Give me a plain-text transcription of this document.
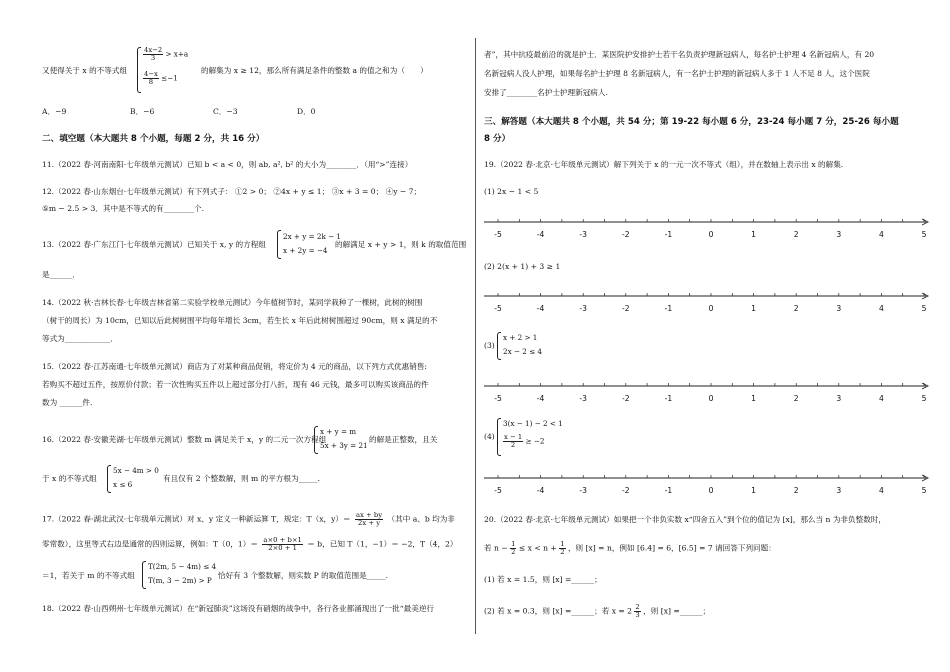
又使得关于 x 的不等式组
$\frac{4x-2}{3} > x+a$
$\frac{4-x}{8} \le-1$
的解集为 x ≥ 12，那么所有满足条件的整数 a 的值之和为（　　）
A．−9	B．−6	C．−3	D．0
二、填空题（本大题共 8 个小题，每题 2 分，共 16 分）
11.（2022 春·河南南阳·七年级单元测试）已知 b < a < 0，则 ab, a², b² 的大小为________．（用“>”连接）
12.（2022 春·山东烟台·七年级单元测试）有下列式子： ①2 > 0； ②4x + y ≤ 1； ③x + 3 = 0； ④y − 7；
⑤m − 2.5 > 3．其中是不等式的有________个.
13.（2022 春·广东江门·七年级单元测试）已知关于 x, y 的方程组
2x + y = 2k − 1
x + 2y = −4
的解满足 x + y > 1，则 k 的取值范围
是______．
14.（2022 秋·吉林长春·七年级吉林省第二实验学校单元测试）今年植树节时，某同学栽种了一棵树，此树的树围
（树干的周长）为 10cm，已知以后此树树围平均每年增长 3cm，若生长 x 年后此树树围超过 90cm，则 x 满足的不
等式为____________．
15.（2022 春·江苏南通·七年级单元测试）商店为了对某种商品促销，将定价为 4 元的商品，以下列方式优惠销售:
若购买不超过五件，按原价付款；若一次性购买五件以上超过部分打八折，现有 46 元钱，最多可以购买该商品的件
数为 ______件.
16.（2022 春·安徽芜湖·七年级单元测试）整数 m 满足关于 x，y 的二元一次方程组
x + y = m
5x + 3y = 21
的解是正整数，且关
于 x 的不等式组
5x − 4m > 0
x ≤ 6
有且仅有 2 个整数解，则 m 的平方根为_____.
17.（2022 春·湖北武汉·七年级单元测试）对 x、y 定义一种新运算 T，规定：T（x，$y)= \frac{ax + by}{2x + y}$ （其中 a、b 均为非
零常数），这里等式右边是通常的四则运算，例如：T（0，$1)= \frac{a\times 0 + b\times 1}{2\times 0 + 1} = b$，已知 T（1，−1）＝ −2，T（4，2）
＝1，若关于 m 的不等式组
T(2m, 5 − 4m) ≤ 4
T(m, 3 − 2m) > P
恰好有 3 个整数解，则实数 P 的取值范围是_____.
18.（2022 春·山西朔州·七年级单元测试）在“新冠肺炎”这场没有硝烟的战争中，各行各业都涌现出了一批“最美逆行
者”，其中抗疫最前沿的就是护士．某医院护安排护士若干名负责护理新冠病人，每名护士护理 4 名新冠病人，有 20
名新冠病人没人护理，如果每名护士护理 8 名新冠病人，有一名护士护理的新冠病人多于 1 人不足 8 人，这个医院
安排了________名护士护理新冠病人.
三、解答题（本大题共 8 个小题，共 54 分；第 19-22 每小题 6 分，23-24 每小题 7 分，25-26 每小题
8 分）
19.（2022 春·北京·七年级单元测试）解下列关于 x 的一元一次不等式（组），并在数轴上表示出 x 的解集.
(1) 2x − 1 < 5
-5	-4	-3	-2	-1	0	1	2	3	4	5
(2) 2(x + 1) + 3 ≥ 1
-5	-4	-3	-2	-1	0	1	2	3	4	5
(3)
x + 2 > 1
2x − 2 ≤ 4
-5	-4	-3	-2	-1	0	1	2	3	4	5
(4)
3(x − 1) − 2 < 1
$\frac{x - 1}{2} \ge -2$
-5	-4	-3	-2	-1	0	1	2	3	4	5
20.（2022 春·北京·七年级单元测试）如果把一个非负实数 x“四舍五入”到个位的值记为 [x]，那么当 n 为非负整数时，
若 $n - \frac{1}{2} \le x < n + \frac{1}{2}$ ，则 [x] = n，例如 [6.4] = 6，[6.5] = 7 请回答下列问题：
(1) 若 x = 1.5，则 [x] =______；
(2) 若 x = 0.3，则 [x] =______；若 $x = 2 \frac{2}{3}$ ，则 [x] =______；
